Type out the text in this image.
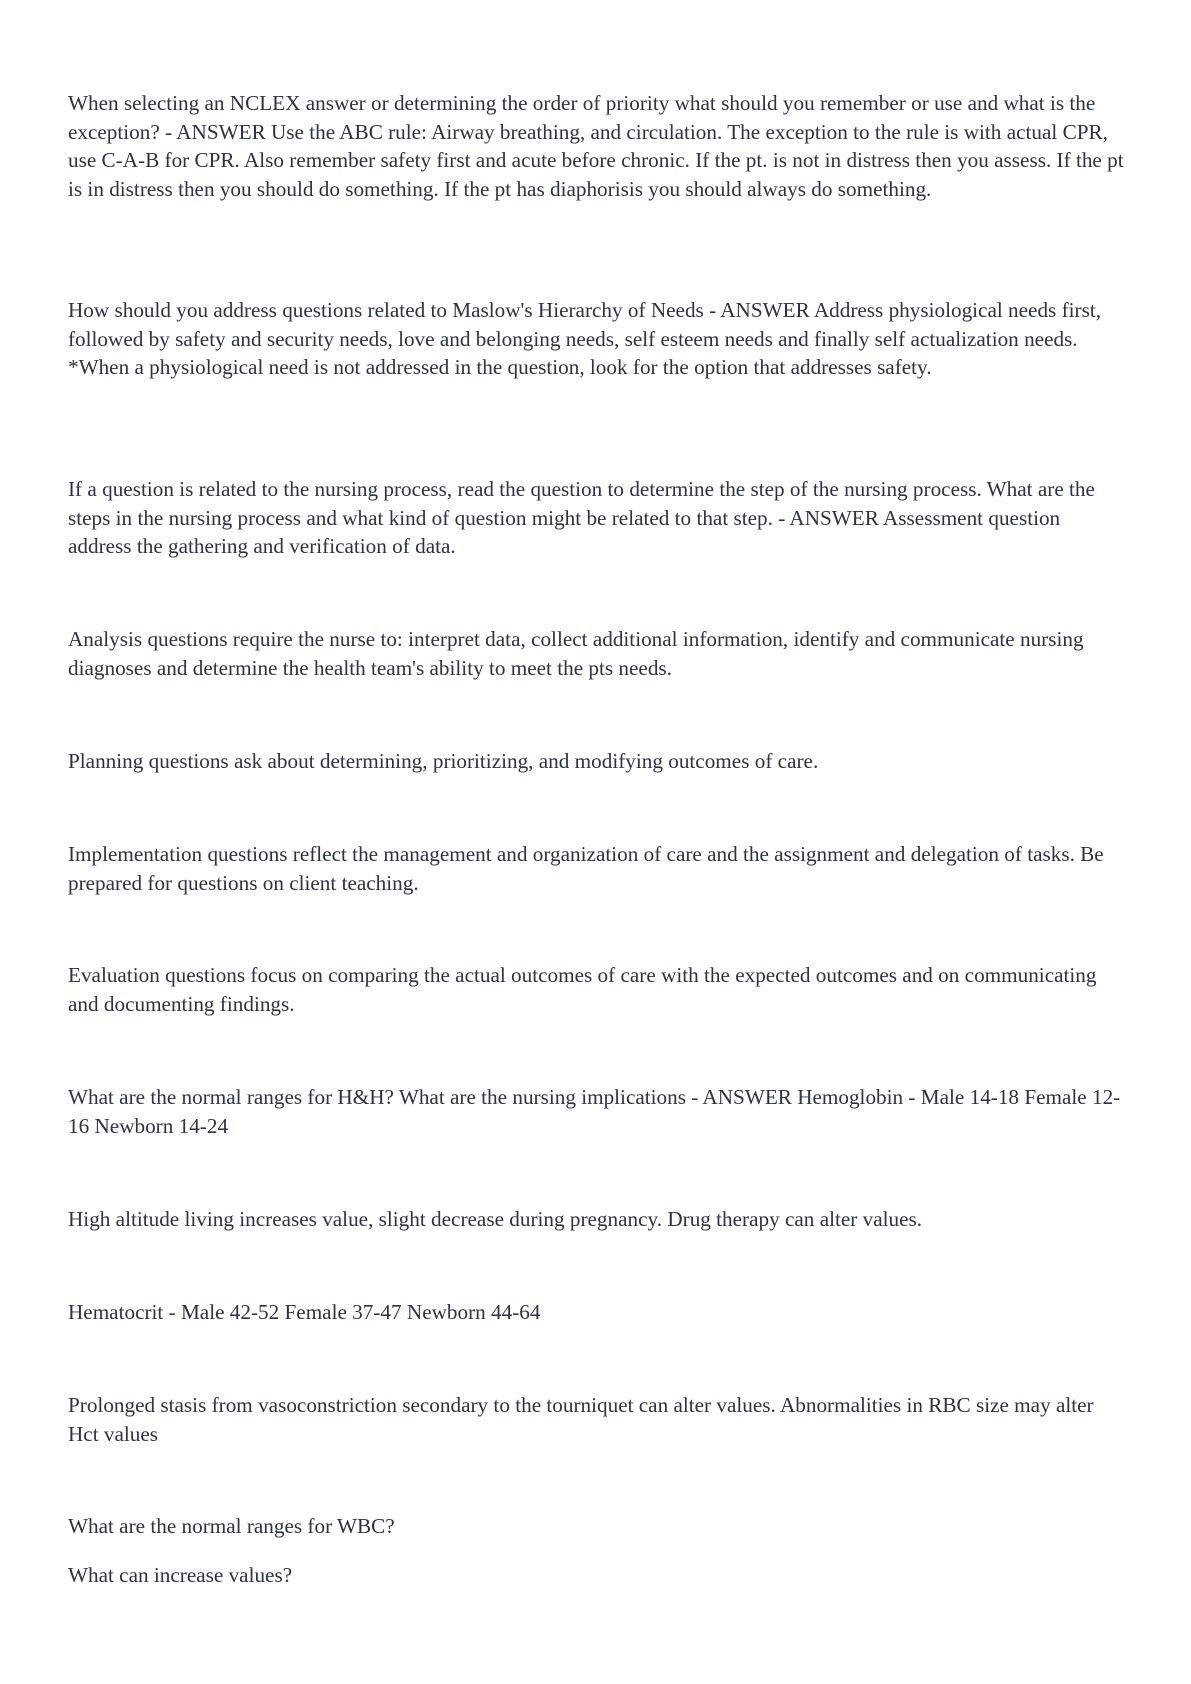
When selecting an NCLEX answer or determining the order of priority what should you remember or use and what is the exception? - ANSWER Use the ABC rule: Airway breathing, and circulation. The exception to the rule is with actual CPR, use C-A-B for CPR. Also remember safety first and acute before chronic. If the pt. is not in distress then you assess. If the pt is in distress then you should do something. If the pt has diaphorisis you should always do something.

How should you address questions related to Maslow's Hierarchy of Needs - ANSWER Address physiological needs first, followed by safety and security needs, love and belonging needs, self esteem needs and finally self actualization needs. *When a physiological need is not addressed in the question, look for the option that addresses safety.

If a question is related to the nursing process, read the question to determine the step of the nursing process. What are the steps in the nursing process and what kind of question might be related to that step. - ANSWER Assessment question address the gathering and verification of data.

Analysis questions require the nurse to: interpret data, collect additional information, identify and communicate nursing diagnoses and determine the health team's ability to meet the pts needs.

Planning questions ask about determining, prioritizing, and modifying outcomes of care.

Implementation questions reflect the management and organization of care and the assignment and delegation of tasks. Be prepared for questions on client teaching.

Evaluation questions focus on comparing the actual outcomes of care with the expected outcomes and on communicating and documenting findings.

What are the normal ranges for H&H? What are the nursing implications - ANSWER Hemoglobin - Male 14-18 Female 12-16 Newborn 14-24

High altitude living increases value, slight decrease during pregnancy. Drug therapy can alter values.

Hematocrit - Male 42-52 Female 37-47 Newborn 44-64

Prolonged stasis from vasoconstriction secondary to the tourniquet can alter values. Abnormalities in RBC size may alter Hct values

What are the normal ranges for WBC?

What can increase values?
